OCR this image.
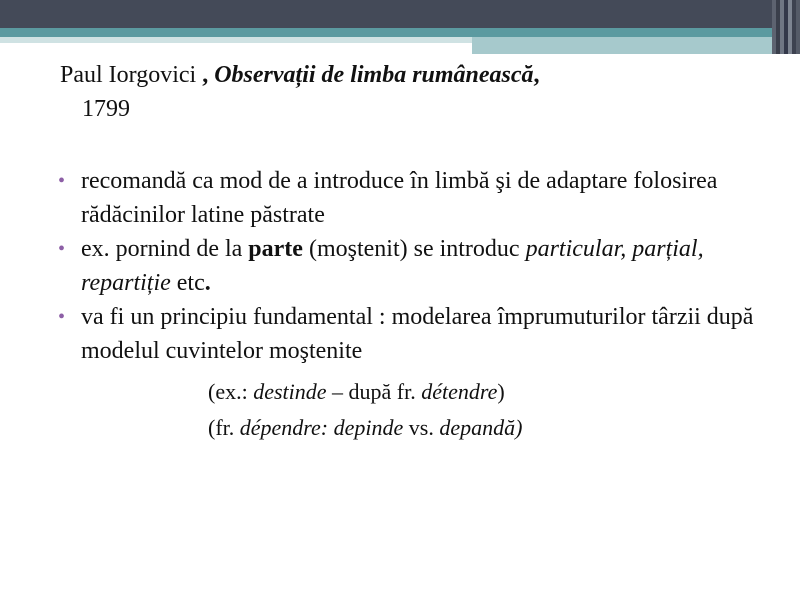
Paul Iorgovici , Observații de limba rumânească,
1799
• recomandă ca mod de a introduce în limbă şi de adaptare folosirea rădăcinilor latine păstrate
• ex. pornind de la parte (moştenit) se introduc particular, parțial, repartiție etc.
• va fi un principiu fundamental : modelarea împrumuturilor târzii după modelul cuvintelor moştenite
(ex.: destinde – după fr. détendre)
(fr. dépendre: depinde vs. depandă)
